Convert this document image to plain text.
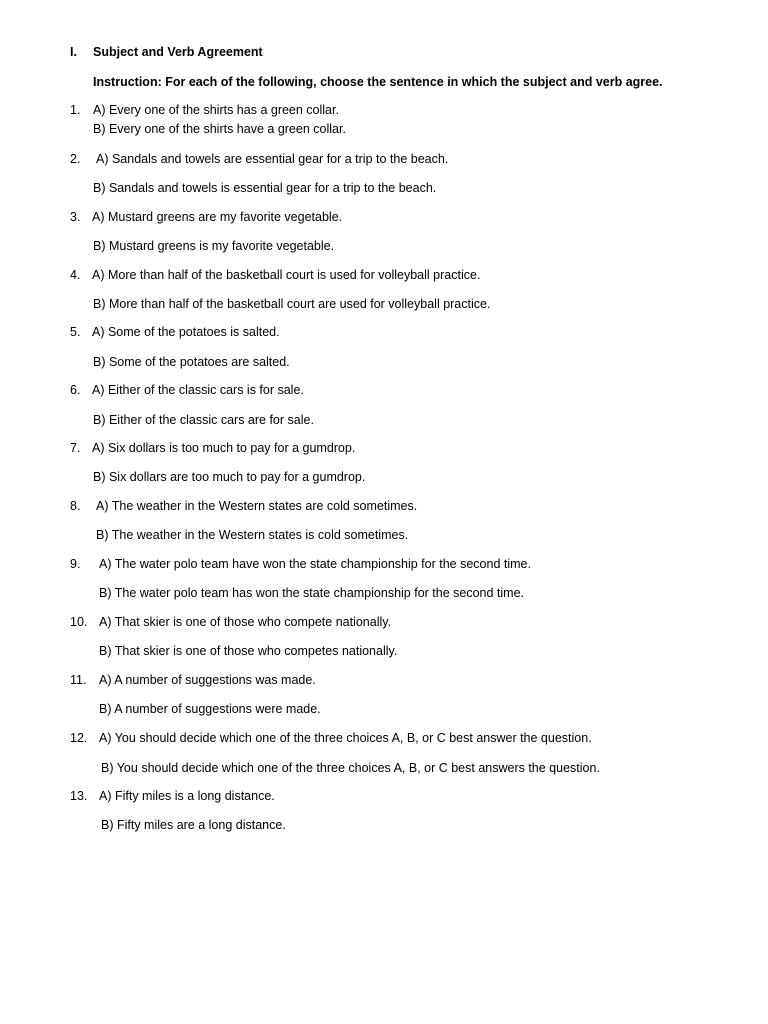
I. Subject and Verb Agreement
Instruction: For each of the following, choose the sentence in which the subject and verb agree.
1. A) Every one of the shirts has a green collar.
B) Every one of the shirts have a green collar.
2. A) Sandals and towels are essential gear for a trip to the beach.
B) Sandals and towels is essential gear for a trip to the beach.
3. A) Mustard greens are my favorite vegetable.
B) Mustard greens is my favorite vegetable.
4. A) More than half of the basketball court is used for volleyball practice.
B) More than half of the basketball court are used for volleyball practice.
5. A) Some of the potatoes is salted.
B) Some of the potatoes are salted.
6. A) Either of the classic cars is for sale.
B) Either of the classic cars are for sale.
7. A) Six dollars is too much to pay for a gumdrop.
B) Six dollars are too much to pay for a gumdrop.
8. A) The weather in the Western states are cold sometimes.
B) The weather in the Western states is cold sometimes.
9. A) The water polo team have won the state championship for the second time.
B) The water polo team has won the state championship for the second time.
10. A) That skier is one of those who compete nationally.
B) That skier is one of those who competes nationally.
11. A) A number of suggestions was made.
B) A number of suggestions were made.
12. A) You should decide which one of the three choices A, B, or C best answer the question.
B) You should decide which one of the three choices A, B, or C best answers the question.
13. A) Fifty miles is a long distance.
B) Fifty miles are a long distance.
